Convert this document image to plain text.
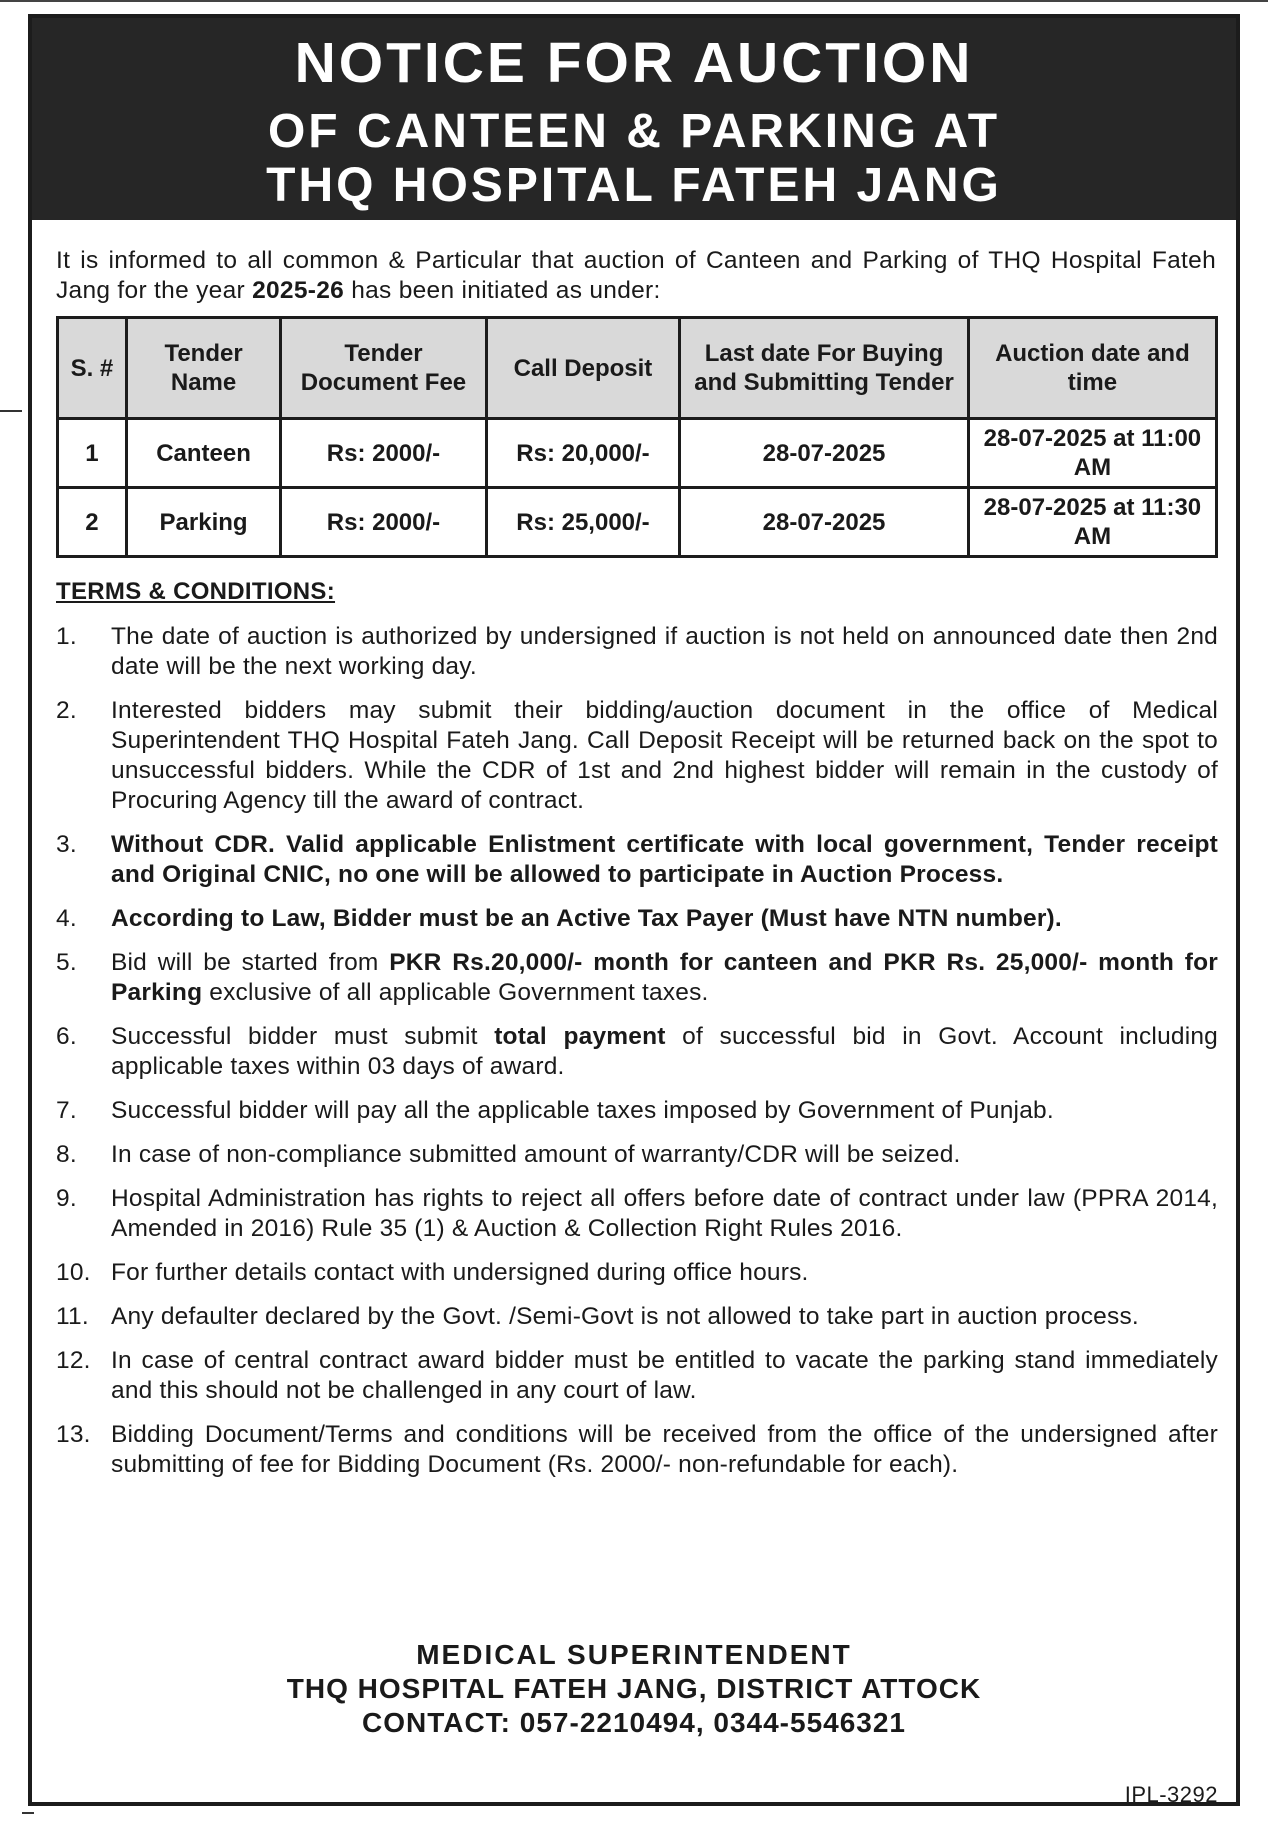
NOTICE FOR AUCTION
OF CANTEEN & PARKING AT
THQ HOSPITAL FATEH JANG
It is informed to all common & Particular that auction of Canteen and Parking of THQ Hospital Fateh Jang for the year 2025-26 has been initiated as under:
S. #	Tender Name	Tender Document Fee	Call Deposit	Last date For Buying and Submitting Tender	Auction date and time
1	Canteen	Rs: 2000/-	Rs: 20,000/-	28-07-2025	28-07-2025 at 11:00 AM
2	Parking	Rs: 2000/-	Rs: 25,000/-	28-07-2025	28-07-2025 at 11:30 AM
TERMS & CONDITIONS:
1.	The date of auction is authorized by undersigned if auction is not held on announced date then 2nd date will be the next working day.
2.	Interested bidders may submit their bidding/auction document in the office of Medical Superintendent THQ Hospital Fateh Jang. Call Deposit Receipt will be returned back on the spot to unsuccessful bidders. While the CDR of 1st and 2nd highest bidder will remain in the custody of Procuring Agency till the award of contract.
3.	Without CDR. Valid applicable Enlistment certificate with local government, Tender receipt and Original CNIC, no one will be allowed to participate in Auction Process.
4.	According to Law, Bidder must be an Active Tax Payer (Must have NTN number).
5.	Bid will be started from PKR Rs.20,000/- month for canteen and PKR Rs. 25,000/- month for Parking exclusive of all applicable Government taxes.
6.	Successful bidder must submit total payment of successful bid in Govt. Account including applicable taxes within 03 days of award.
7.	Successful bidder will pay all the applicable taxes imposed by Government of Punjab.
8.	In case of non-compliance submitted amount of warranty/CDR will be seized.
9.	Hospital Administration has rights to reject all offers before date of contract under law (PPRA 2014, Amended in 2016) Rule 35 (1) & Auction & Collection Right Rules 2016.
10. For further details contact with undersigned during office hours.
11. Any defaulter declared by the Govt. /Semi-Govt is not allowed to take part in auction process.
12. In case of central contract award bidder must be entitled to vacate the parking stand immediately and this should not be challenged in any court of law.
13. Bidding Document/Terms and conditions will be received from the office of the undersigned after submitting of fee for Bidding Document (Rs. 2000/- non-refundable for each).
MEDICAL SUPERINTENDENT
THQ HOSPITAL FATEH JANG, DISTRICT ATTOCK
CONTACT: 057-2210494, 0344-5546321
IPL-3292
